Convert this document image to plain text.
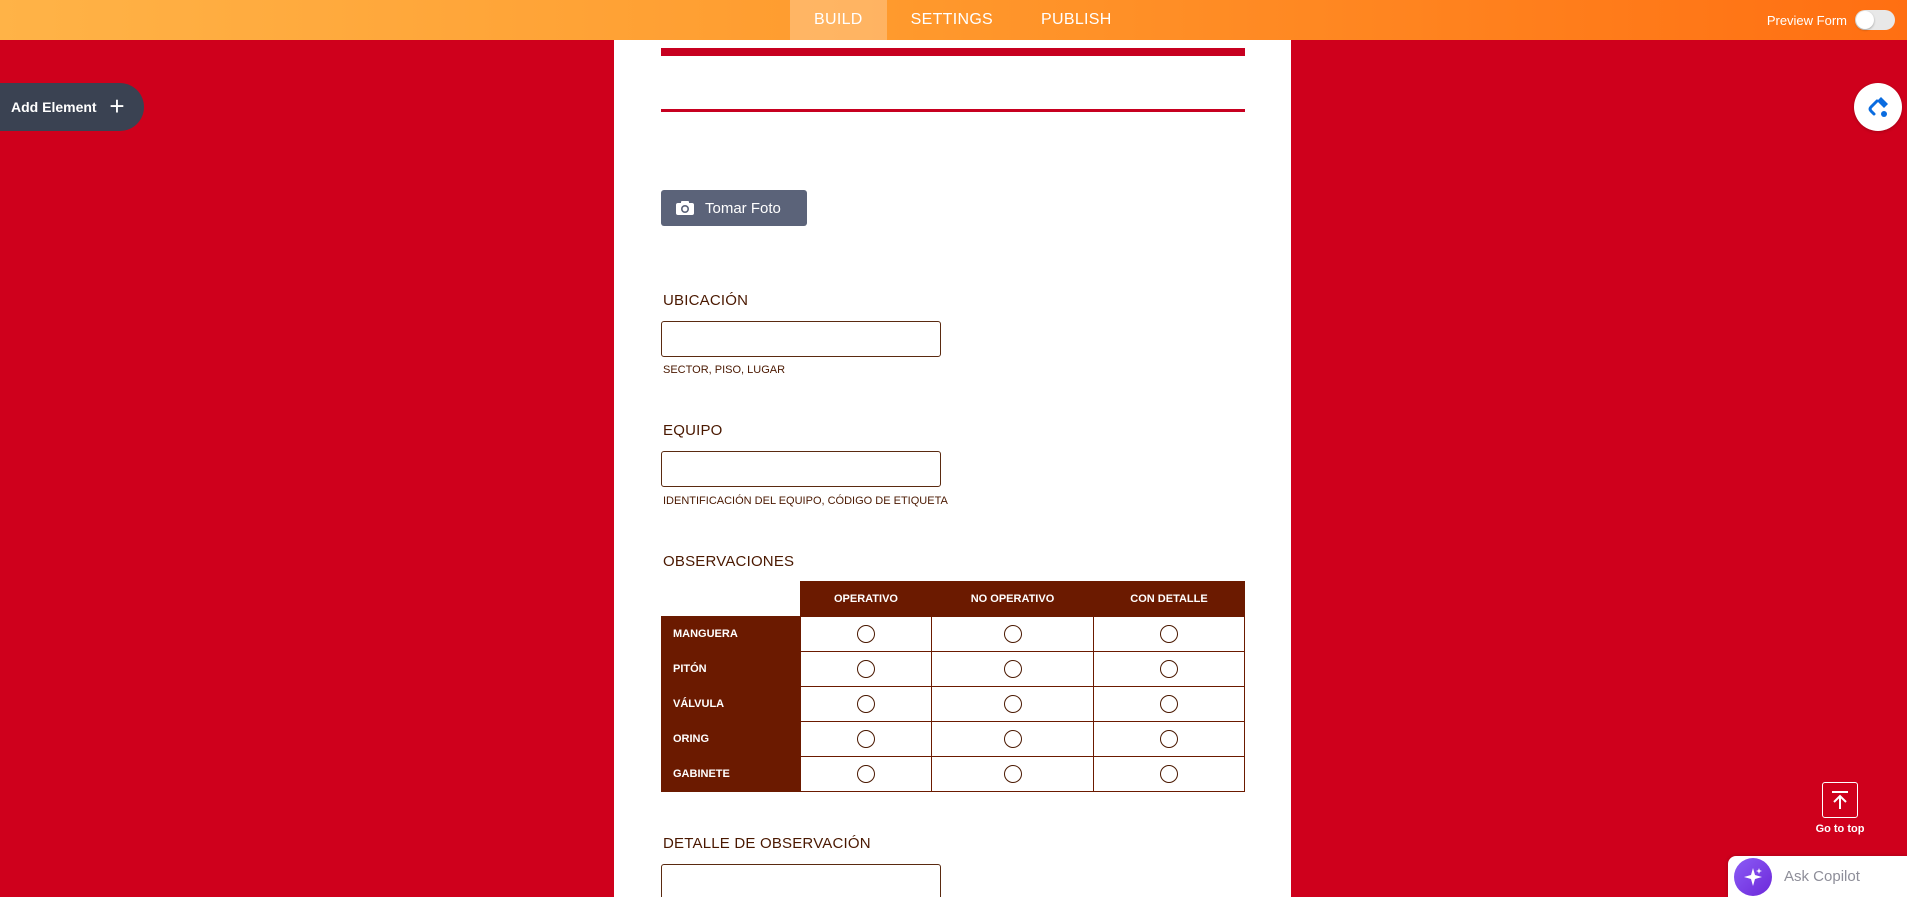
BUILD	SETTINGS	PUBLISH	Preview Form
Add Element +
Tomar Foto
UBICACIÓN
SECTOR, PISO, LUGAR
EQUIPO
IDENTIFICACIÓN DEL EQUIPO, CÓDIGO DE ETIQUETA
OBSERVACIONES
	OPERATIVO	NO OPERATIVO	CON DETALLE
MANGUERA			
PITÓN			
VÁLVULA			
ORING			
GABINETE			
DETALLE DE OBSERVACIÓN
Go to top
Ask Copilot
